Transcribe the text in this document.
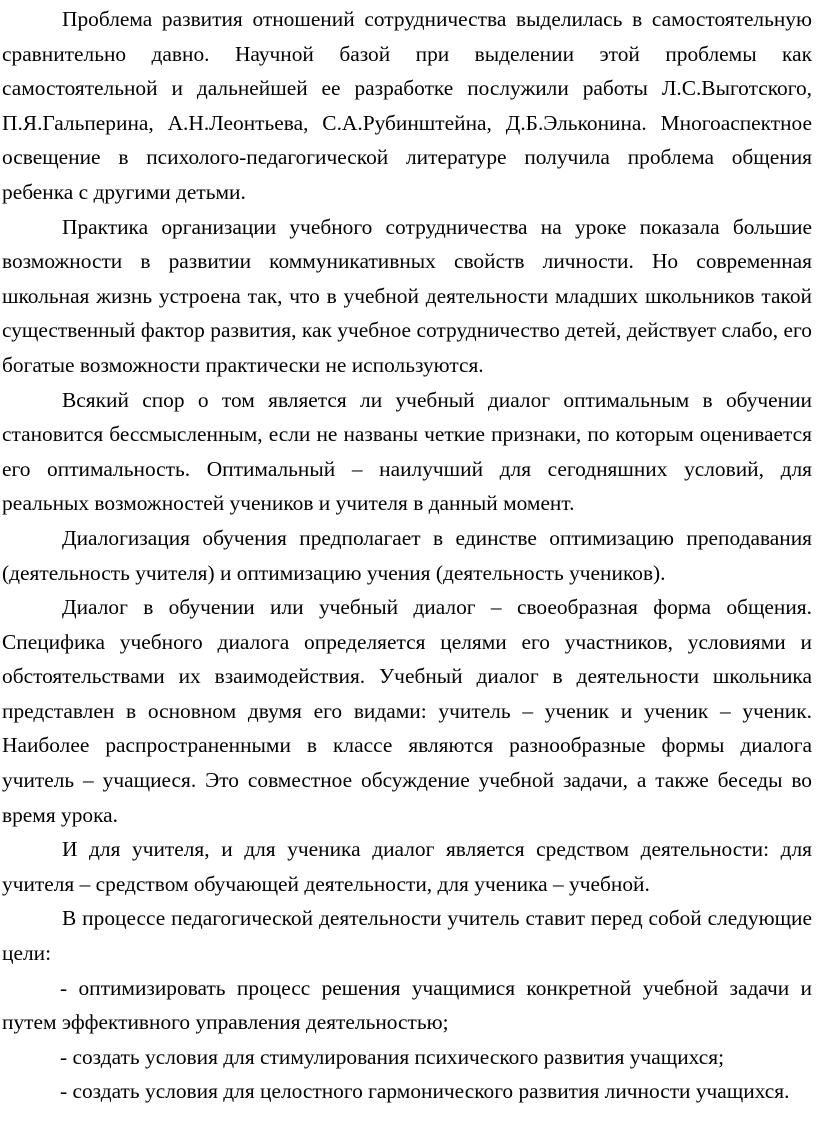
Проблема развития отношений сотрудничества выделилась в самостоятельную сравнительно давно. Научной базой при выделении этой проблемы как самостоятельной и дальнейшей ее разработке послужили работы Л.С.Выготского, П.Я.Гальперина, А.Н.Леонтьева, С.А.Рубинштейна, Д.Б.Эльконина. Многоаспектное освещение в психолого-педагогической литературе получила проблема общения ребенка с другими детьми.

Практика организации учебного сотрудничества на уроке показала большие возможности в развитии коммуникативных свойств личности. Но современная школьная жизнь устроена так, что в учебной деятельности младших школьников такой существенный фактор развития, как учебное сотрудничество детей, действует слабо, его богатые возможности практически не используются.

Всякий спор о том является ли учебный диалог оптимальным в обучении становится бессмысленным, если не названы четкие признаки, по которым оценивается его оптимальность. Оптимальный – наилучший для сегодняшних условий, для реальных возможностей учеников и учителя в данный момент.

Диалогизация обучения предполагает в единстве оптимизацию преподавания (деятельность учителя) и оптимизацию учения (деятельность учеников).

Диалог в обучении или учебный диалог – своеобразная форма общения. Специфика учебного диалога определяется целями его участников, условиями и обстоятельствами их взаимодействия. Учебный диалог в деятельности школьника представлен в основном двумя его видами: учитель – ученик и ученик – ученик. Наиболее распространенными в классе являются разнообразные формы диалога учитель – учащиеся. Это совместное обсуждение учебной задачи, а также беседы во время урока.

И для учителя, и для ученика диалог является средством деятельности: для учителя – средством обучающей деятельности, для ученика – учебной.

В процессе педагогической деятельности учитель ставит перед собой следующие цели:

- оптимизировать процесс решения учащимися конкретной учебной задачи и путем эффективного управления деятельностью;

- создать условия для стимулирования психического развития учащихся;

- создать условия для целостного гармонического развития личности учащихся.
